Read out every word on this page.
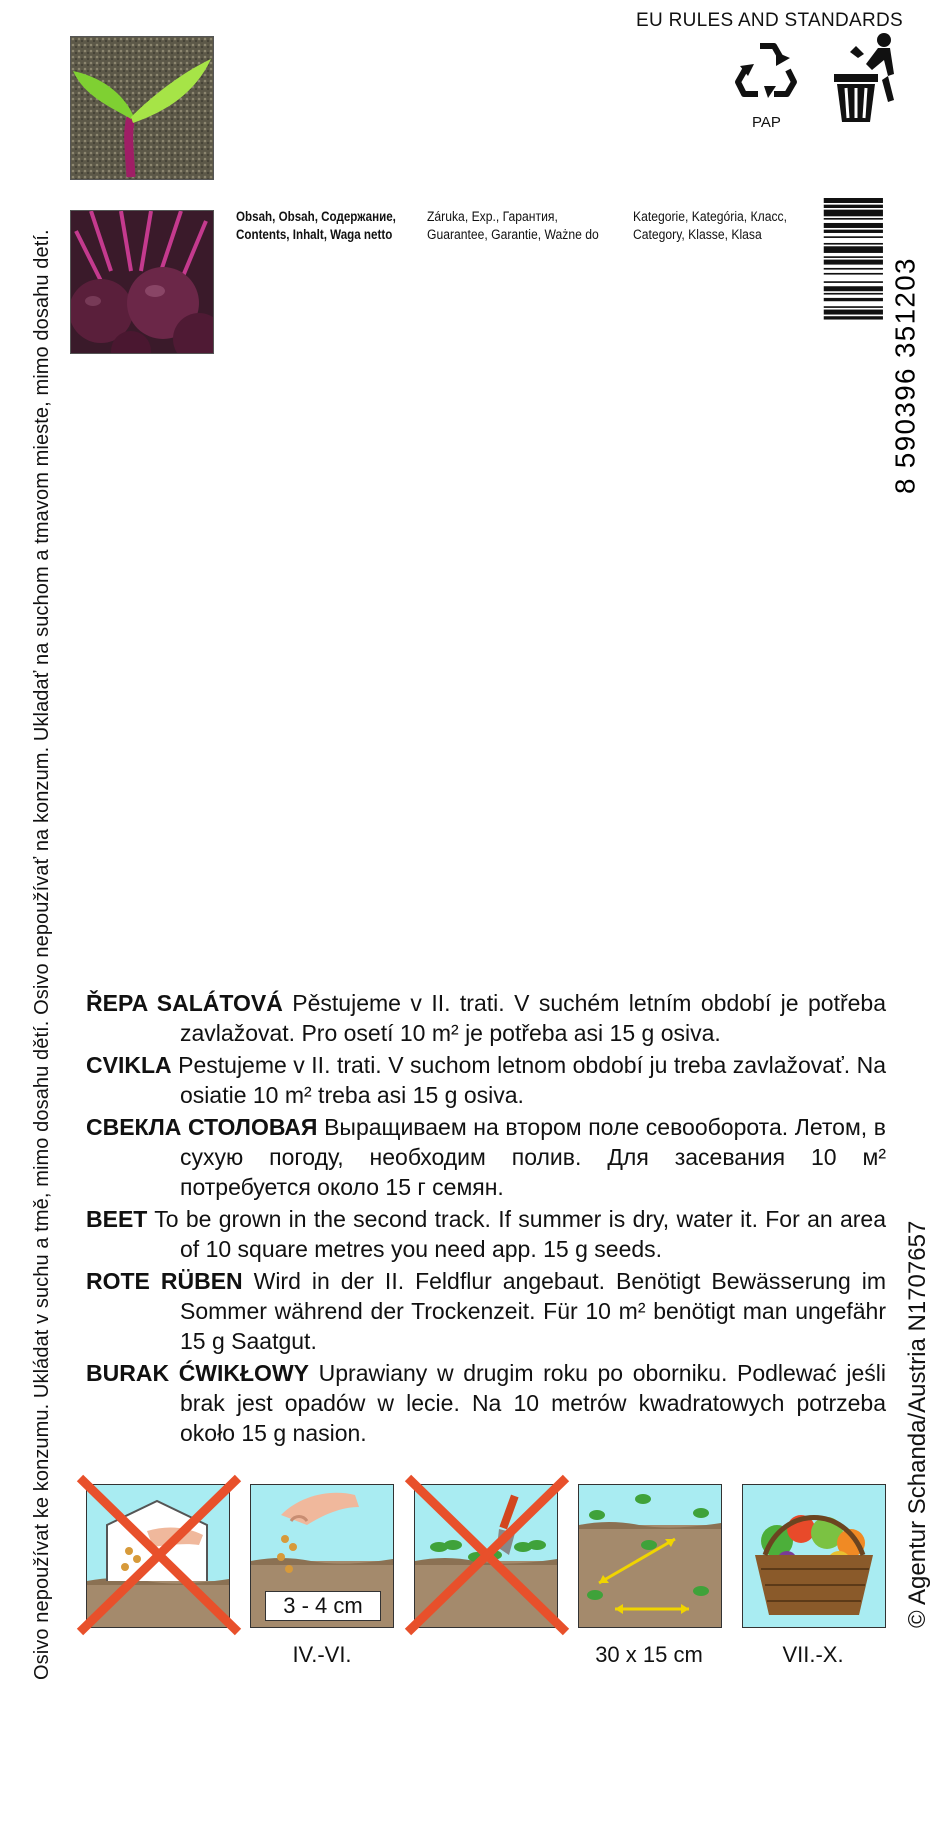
Osivo nepoužívat ke konzumu. Ukládat v suchu a tmě, mimo dosahu dětí. Osivo nepoužívať na konzum. Ukladať na suchom a tmavom mieste, mimo dosahu detí.	© Agentur Schanda/Austria N1707657
EU RULES AND STANDARDS
PAP
Obsah, Obsah, Содержание,
Contents, Inhalt, Waga netto
Záruka, Exp., Гарантия,
Guarantee, Garantie, Ważne do
Kategorie, Kategória, Класс,
Category, Klasse, Klasa
8 590396 351203
ŘEPA SALÁTOVÁ Pěstujeme v II. trati. V suchém letním období je potřeba zavlažovat. Pro osetí 10 m² je potřeba asi 15 g osiva.
CVIKLA Pestujeme v II. trati. V suchom letnom období ju treba zavlažovať. Na osiatie 10 m² treba asi 15 g osiva.
СВЕКЛА СТОЛОВАЯ Выращиваем на втором поле севооборота. Летом, в сухую погоду, необходим полив. Для засевания 10 м² потребуется около 15 г семян.
BEET To be grown in the second track. If summer is dry, water it. For an area of 10 square metres you need app. 15 g seeds.
ROTE RÜBEN Wird in der II. Feldflur angebaut. Benötigt Bewässerung im Sommer während der Trockenzeit. Für 10 m² benötigt man ungefähr 15 g Saatgut.
BURAK ĆWIKŁOWY Uprawiany w drugim roku po oborniku. Podlewać jeśli brak jest opadów w lecie. Na 10 metrów kwadratowych potrzeba około 15 g nasion.
3 - 4 cm
IV.-VI.	30 x 15 cm	VII.-X.
